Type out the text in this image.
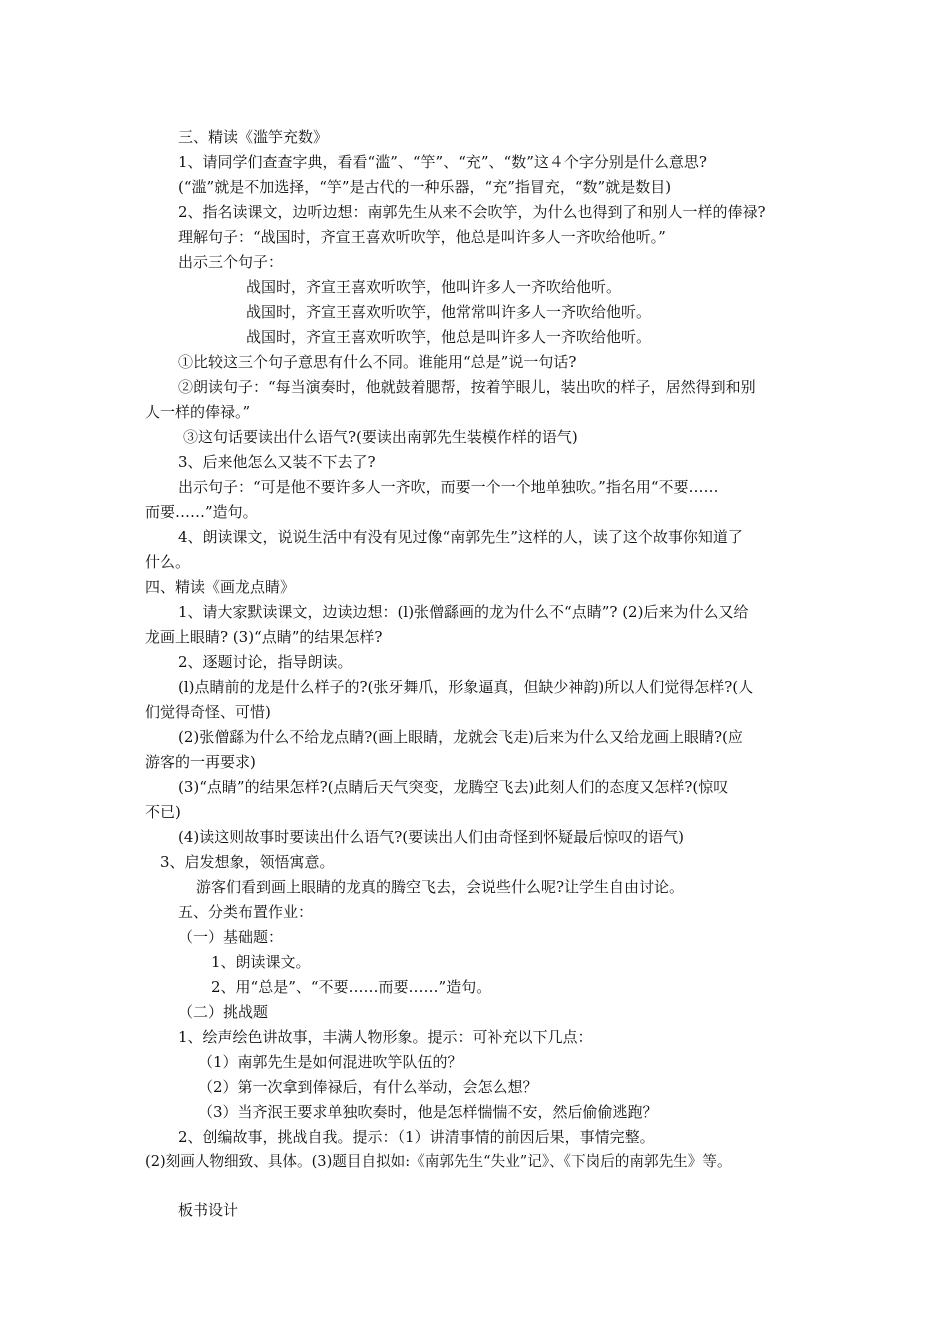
三、精读《滥竽充数》
1、请同学们查查字典，看看“滥”、“竽”、“充”、“数”这４个字分别是什么意思?
(“滥”就是不加选择，“竽”是古代的一种乐器，“充”指冒充，“数”就是数目)
2、指名读课文，边听边想：南郭先生从来不会吹竽，为什么也得到了和别人一样的俸禄?
理解句子：“战国时，齐宣王喜欢听吹竽，他总是叫许多人一齐吹给他听。”
出示三个句子：
战国时，齐宣王喜欢听吹竽，他叫许多人一齐吹给他听。
战国时，齐宣王喜欢听吹竽，他常常叫许多人一齐吹给他听。
战国时，齐宣王喜欢听吹竽，他总是叫许多人一齐吹给他听。
①比较这三个句子意思有什么不同。谁能用“总是”说一句话?
②朗读句子：“每当演奏时，他就鼓着腮帮，按着竽眼儿，装出吹的样子，居然得到和别
人一样的俸禄。”
③这句话要读出什么语气?(要读出南郭先生装模作样的语气)
3、后来他怎么又装不下去了?
出示句子：“可是他不要许多人一齐吹，而要一个一个地单独吹。”指名用“不要……
而要……”造句。
4、朗读课文，说说生活中有没有见过像“南郭先生”这样的人，读了这个故事你知道了
什么。
四、精读《画龙点睛》
1、请大家默读课文，边读边想：(l)张僧繇画的龙为什么不“点睛”? (2)后来为什么又给
龙画上眼睛? (3)“点睛”的结果怎样?
2、逐题讨论，指导朗读。
(l)点睛前的龙是什么样子的?(张牙舞爪，形象逼真，但缺少神韵)所以人们觉得怎样?(人
们觉得奇怪、可惜)
(2)张僧繇为什么不给龙点睛?(画上眼睛，龙就会飞走)后来为什么又给龙画上眼睛?(应
游客的一再要求)
(3)“点睛”的结果怎样?(点睛后天气突变，龙腾空飞去)此刻人们的态度又怎样?(惊叹
不已)
(4)读这则故事时要读出什么语气?(要读出人们由奇怪到怀疑最后惊叹的语气)
3、启发想象，领悟寓意。
游客们看到画上眼睛的龙真的腾空飞去，会说些什么呢?让学生自由讨论。
五、分类布置作业：
（一）基础题：
1、朗读课文。
2、用“总是”、“不要……而要……”造句。
（二）挑战题
1、绘声绘色讲故事，丰满人物形象。提示：可补充以下几点：
（1）南郭先生是如何混进吹竽队伍的？
（2）第一次拿到俸禄后，有什么举动，会怎么想？
（3）当齐泯王要求单独吹奏时，他是怎样惴惴不安，然后偷偷逃跑？
2、创编故事，挑战自我。提示：（1）讲清事情的前因后果，事情完整。
(2)刻画人物细致、具体。(3)题目自拟如:《南郭先生“失业”记》、《下岗后的南郭先生》等。
板书设计
